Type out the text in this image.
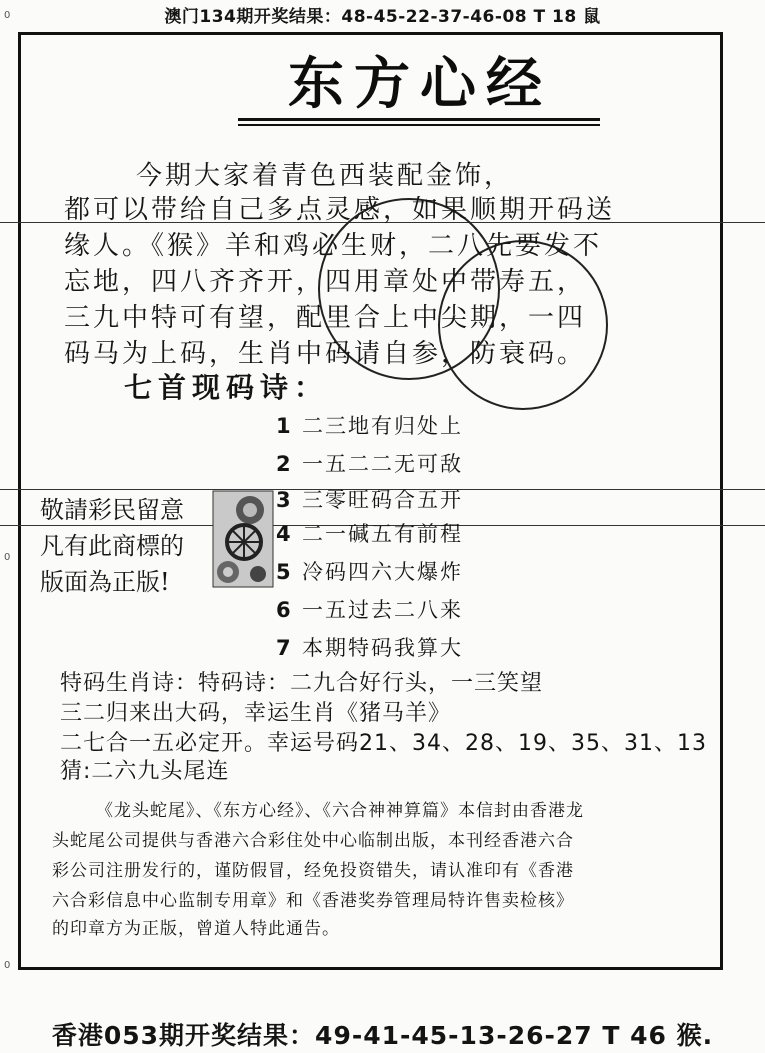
澳门134期开奖结果：48-45-22-37-46-08 T 18 鼠
0
0
0
东方心经
今期大家着青色西装配金饰，
都可以带给自己多点灵感，如果顺期开码送
缘人。《猴》羊和鸡必生财，二八先要发不
忘地，四八齐齐开，四用章处中带寿五，
三九中特可有望，配里合上中尖期，一四
码马为上码，生肖中码请自参，防衰码。
七首现码诗：
1 二三地有归处上
2 一五二二无可敌
3 三零旺码合五开
4 二一碱五有前程
5 冷码四六大爆炸
6 一五过去二八来
7 本期特码我算大
敬請彩民留意
凡有此商標的
版面為正版!
特码生肖诗：特码诗：二九合好行头，一三笑望
三二归来出大码，幸运生肖《猪马羊》
二七合一五必定开。幸运号码21、34、28、19、35、31、13
猜:二六九头尾连
《龙头蛇尾》、《东方心经》、《六合神神算篇》本信封由香港龙
头蛇尾公司提供与香港六合彩住处中心临制出版，本刊经香港六合
彩公司注册发行的，谨防假冒，经免投资错失，请认准印有《香港
六合彩信息中心监制专用章》和《香港奖券管理局特许售卖检核》
的印章方为正版，曾道人特此通告。
香港053期开奖结果：49-41-45-13-26-27 T 46 猴.
